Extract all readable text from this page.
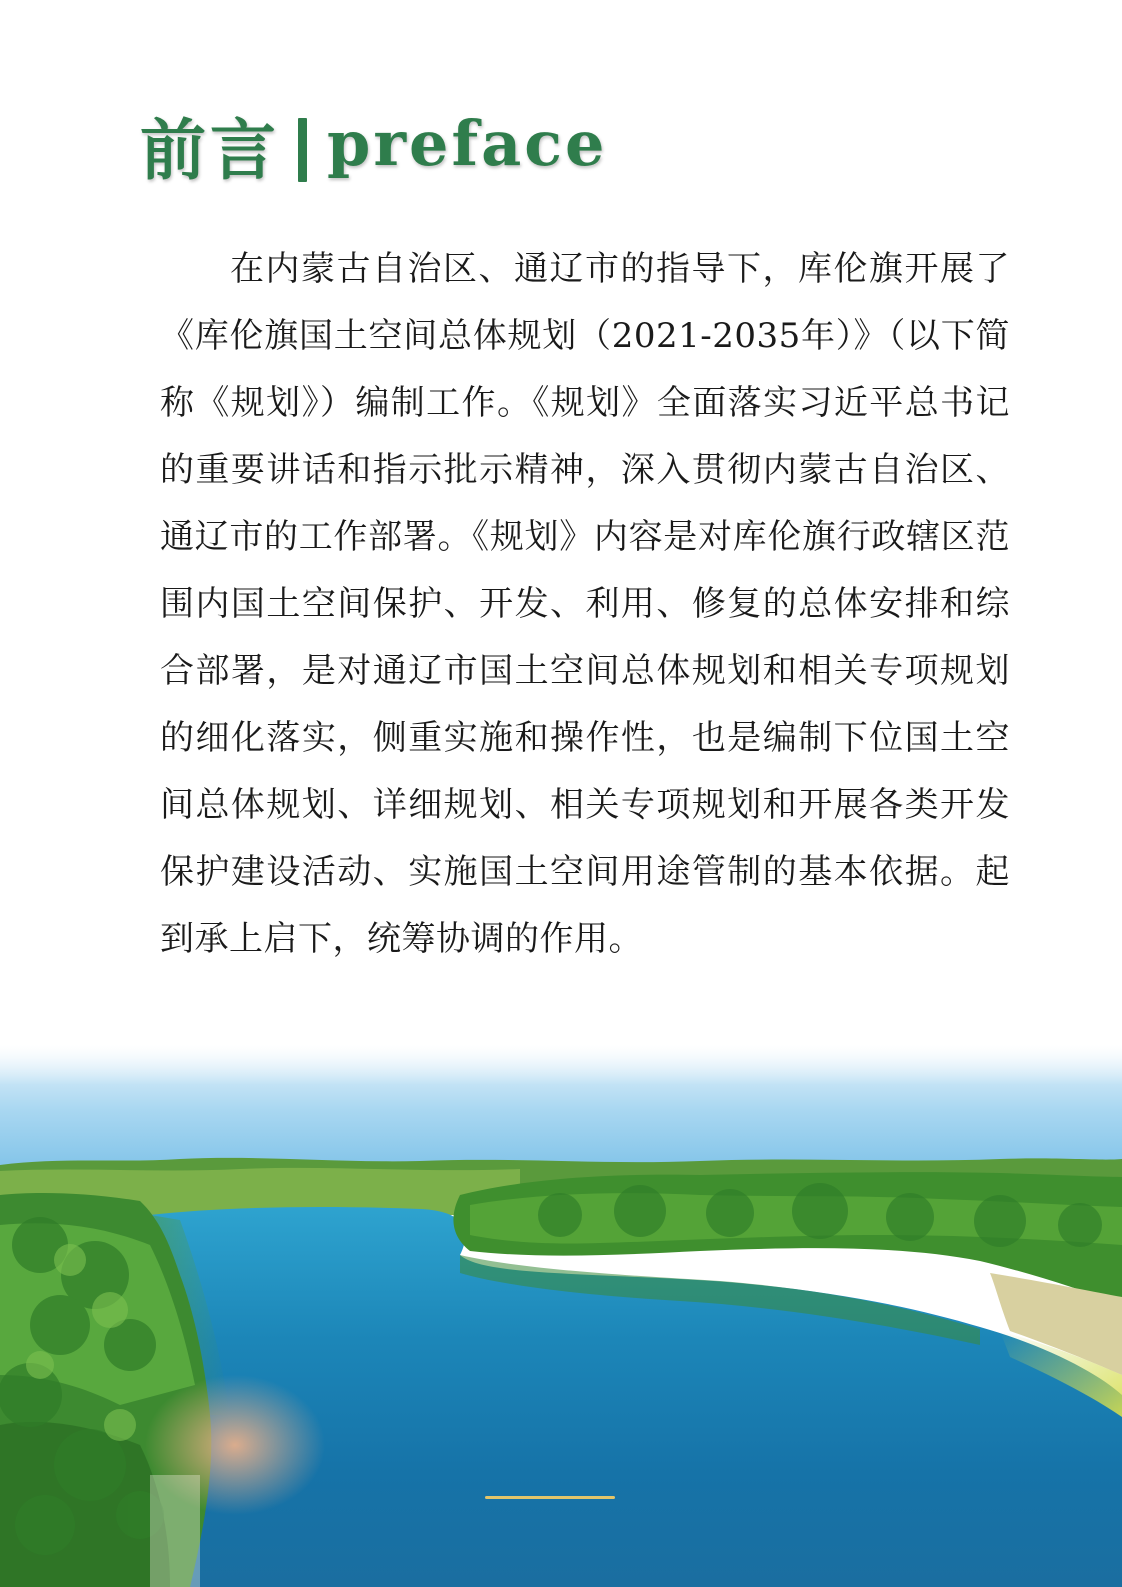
前言 preface

在内蒙古自治区、通辽市的指导下，库伦旗开展了《库伦旗国土空间总体规划（2021-2035年）》（以下简称《规划》）编制工作。《规划》全面落实习近平总书记的重要讲话和指示批示精神，深入贯彻内蒙古自治区、通辽市的工作部署。《规划》内容是对库伦旗行政辖区范围内国土空间保护、开发、利用、修复的总体安排和综合部署，是对通辽市国土空间总体规划和相关专项规划的细化落实，侧重实施和操作性，也是编制下位国土空间总体规划、详细规划、相关专项规划和开展各类开发保护建设活动、实施国土空间用途管制的基本依据。起到承上启下，统筹协调的作用。
